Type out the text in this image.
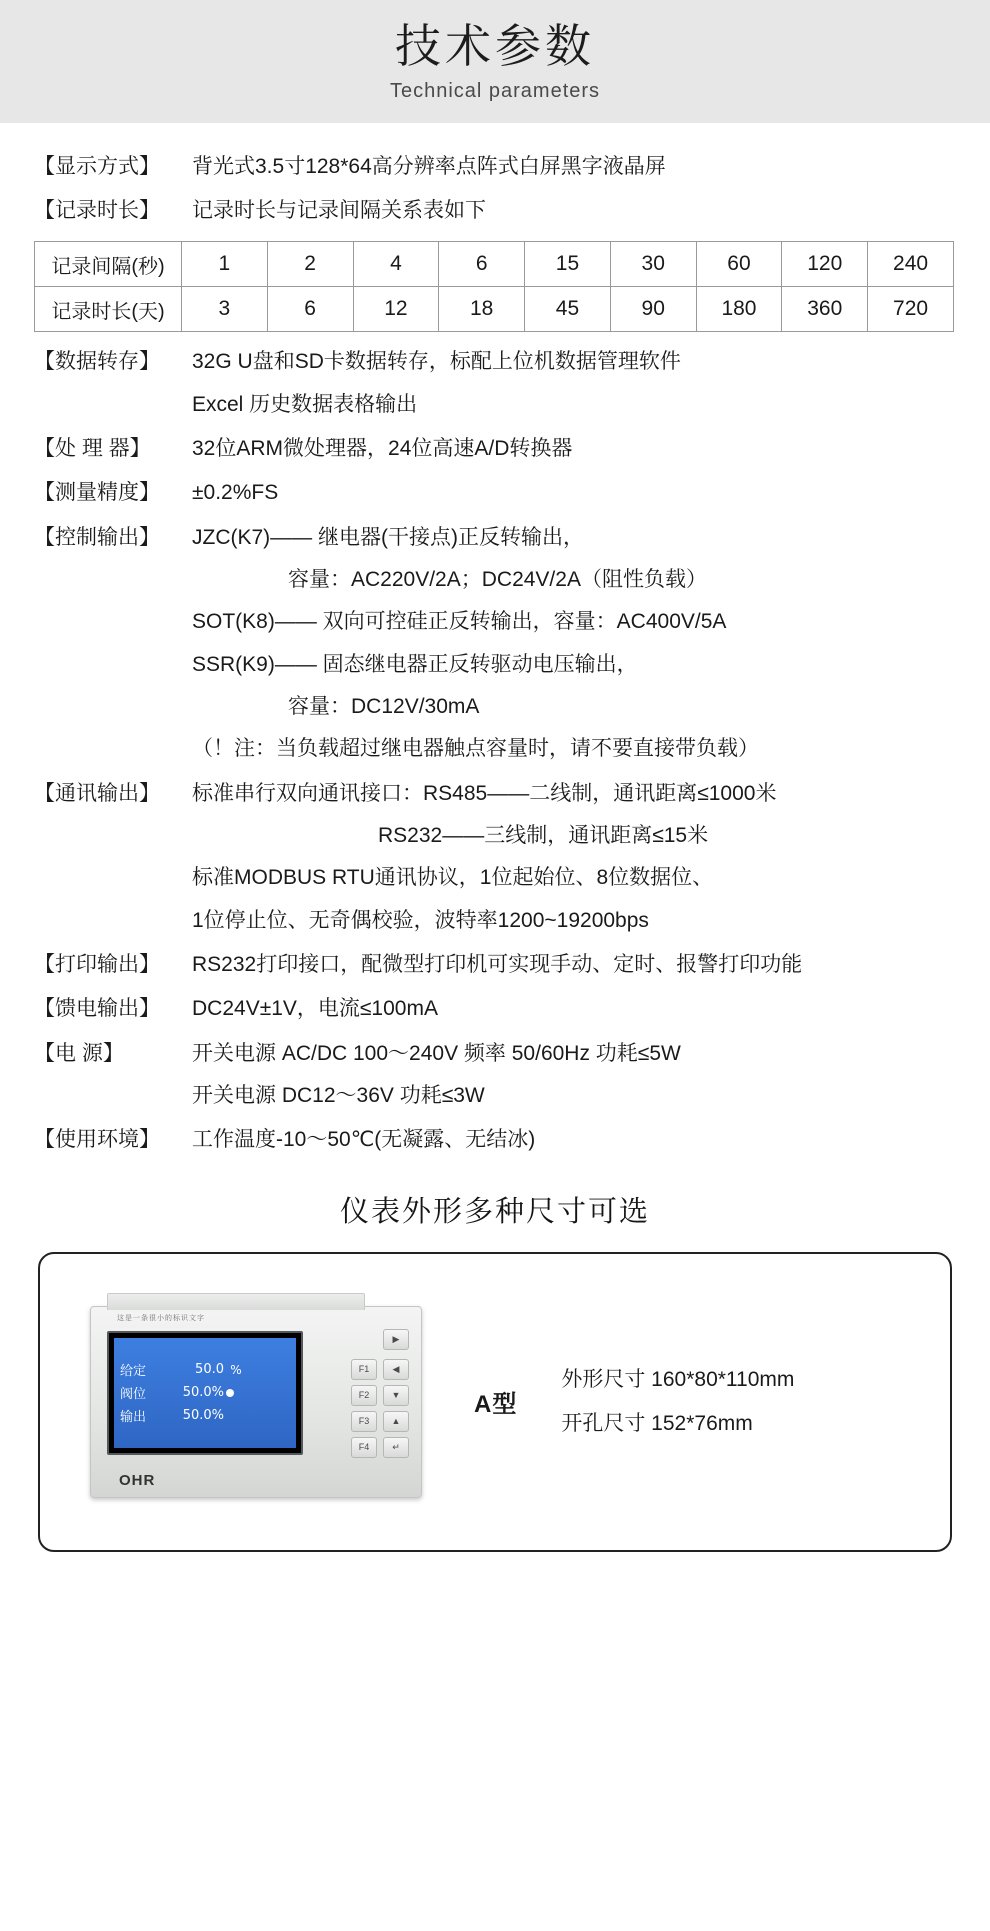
技术参数
Technical parameters
【显示方式】	背光式3.5寸128*64高分辨率点阵式白屏黑字液晶屏
【记录时长】	记录时长与记录间隔关系表如下
记录间隔(秒)	1	2	4	6	15	30	60	120	240
记录时长(天)	3	6	12	18	45	90	180	360	720
【数据转存】	32G U盘和SD卡数据转存，标配上位机数据管理软件
Excel 历史数据表格输出
【处 理 器】	32位ARM微处理器，24位高速A/D转换器
【测量精度】	±0.2%FS
【控制输出】	JZC(K7)—— 继电器(干接点)正反转输出，
容量：AC220V/2A；DC24V/2A（阻性负载）
SOT(K8)—— 双向可控硅正反转输出，容量：AC400V/5A
SSR(K9)—— 固态继电器正反转驱动电压输出，
容量：DC12V/30mA
（！注：当负载超过继电器触点容量时，请不要直接带负载）
【通讯输出】	标准串行双向通讯接口：RS485——二线制，通讯距离≤1000米
RS232——三线制，通讯距离≤15米
标准MODBUS RTU通讯协议，1位起始位、8位数据位、
1位停止位、无奇偶校验，波特率1200~19200bps
【打印输出】	RS232打印接口，配微型打印机可实现手动、定时、报警打印功能
【馈电输出】	DC24V±1V，电流≤100mA
【电 源】	开关电源 AC/DC 100～240V 频率 50/60Hz 功耗≤5W
开关电源 DC12～36V 功耗≤3W
【使用环境】	工作温度-10～50℃(无凝露、无结冰)
仪表外形多种尺寸可选
这是一条很小的标识文字
给定	50.0 %
阀位	50.0%
输出	50.0%
OHR
▶
F1	◀
F2	▼
F3	▲
F4	↵
A型
外形尺寸 160*80*110mm
开孔尺寸 152*76mm
